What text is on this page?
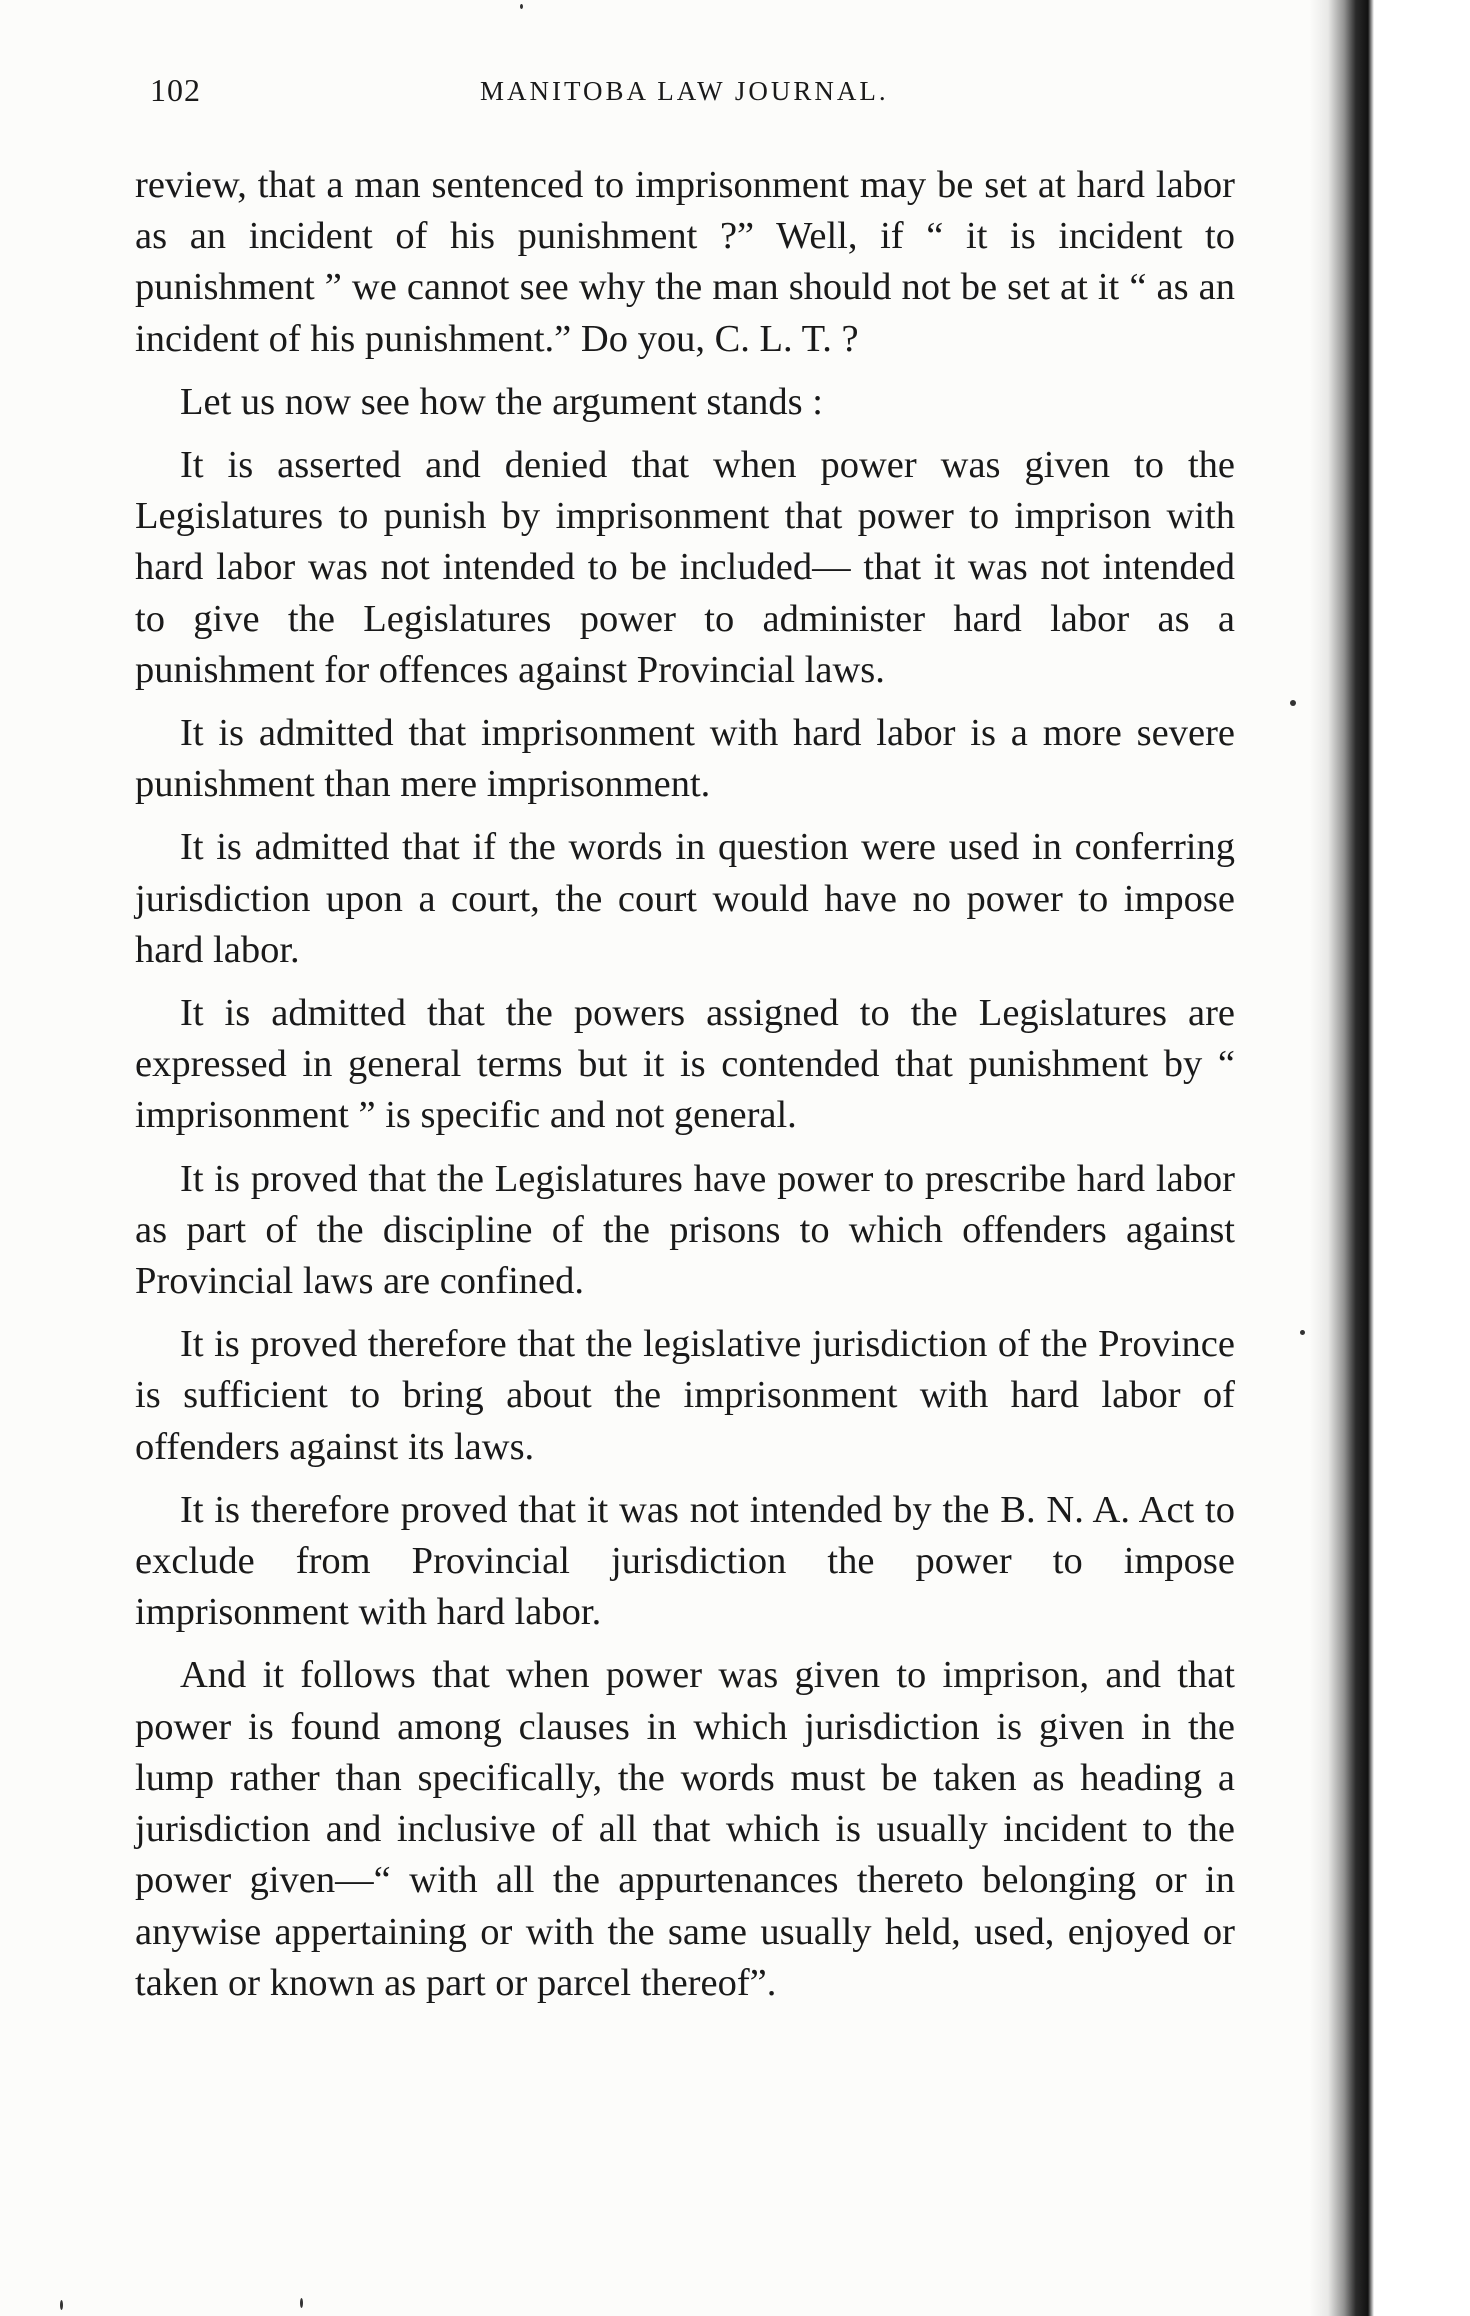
102	MANITOBA LAW JOURNAL.

review, that a man sentenced to imprisonment may be set at hard labor as an incident of his punishment ?” Well, if “ it is incident to punishment ” we cannot see why the man should not be set at it “ as an incident of his punishment.” Do you, C. L. T. ?

Let us now see how the argument stands :

It is asserted and denied that when power was given to the Legislatures to punish by imprisonment that power to imprison with hard labor was not intended to be included— that it was not intended to give the Legislatures power to administer hard labor as a punishment for offences against Provincial laws.

It is admitted that imprisonment with hard labor is a more severe punishment than mere imprisonment.

It is admitted that if the words in question were used in conferring jurisdiction upon a court, the court would have no power to impose hard labor.

It is admitted that the powers assigned to the Legislatures are expressed in general terms but it is contended that punishment by “ imprisonment ” is specific and not general.

It is proved that the Legislatures have power to prescribe hard labor as part of the discipline of the prisons to which offenders against Provincial laws are confined.

It is proved therefore that the legislative jurisdiction of the Province is sufficient to bring about the imprisonment with hard labor of offenders against its laws.

It is therefore proved that it was not intended by the B. N. A. Act to exclude from Provincial jurisdiction the power to impose imprisonment with hard labor.

And it follows that when power was given to imprison, and that power is found among clauses in which jurisdiction is given in the lump rather than specifically, the words must be taken as heading a jurisdiction and inclusive of all that which is usually incident to the power given—“ with all the appurtenances thereto belonging or in anywise appertaining or with the same usually held, used, enjoyed or taken or known as part or parcel thereof”.
